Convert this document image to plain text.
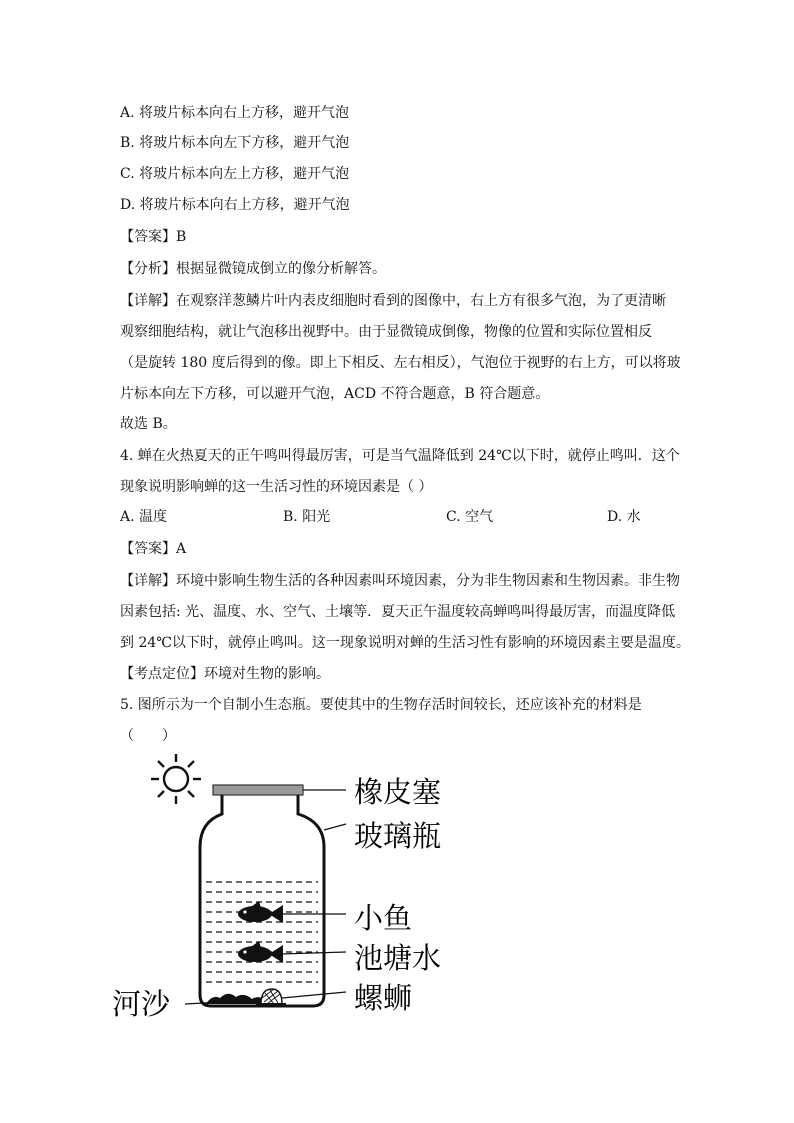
A. 将玻片标本向右上方移，避开气泡
B. 将玻片标本向左下方移，避开气泡
C. 将玻片标本向左上方移，避开气泡
D. 将玻片标本向右上方移，避开气泡
【答案】B
【分析】根据显微镜成倒立的像分析解答。
【详解】在观察洋葱鳞片叶内表皮细胞时看到的图像中，右上方有很多气泡，为了更清晰
观察细胞结构，就让气泡移出视野中。由于显微镜成倒像，物像的位置和实际位置相反
（是旋转 180 度后得到的像。即上下相反、左右相反），气泡位于视野的右上方，可以将玻
片标本向左下方移，可以避开气泡，ACD 不符合题意，B 符合题意。
故选 B。
4. 蝉在火热夏天的正午鸣叫得最厉害，可是当气温降低到 24℃以下时，就停止鸣叫．这个
现象说明影响蝉的这一生活习性的环境因素是（ ）
A. 温度	B. 阳光	C. 空气	D. 水
【答案】A
【详解】环境中影响生物生活的各种因素叫环境因素，分为非生物因素和生物因素。非生物
因素包括: 光、温度、水、空气、土壤等．夏天正午温度较高蝉鸣叫得最厉害，而温度降低
到 24℃以下时，就停止鸣叫。这一现象说明对蝉的生活习性有影响的环境因素主要是温度。
【考点定位】环境对生物的影响。
5. 图所示为一个自制小生态瓶。要使其中的生物存活时间较长，还应该补充的材料是
（　　）
橡皮塞
玻璃瓶
小鱼
池塘水
螺蛳
河沙
